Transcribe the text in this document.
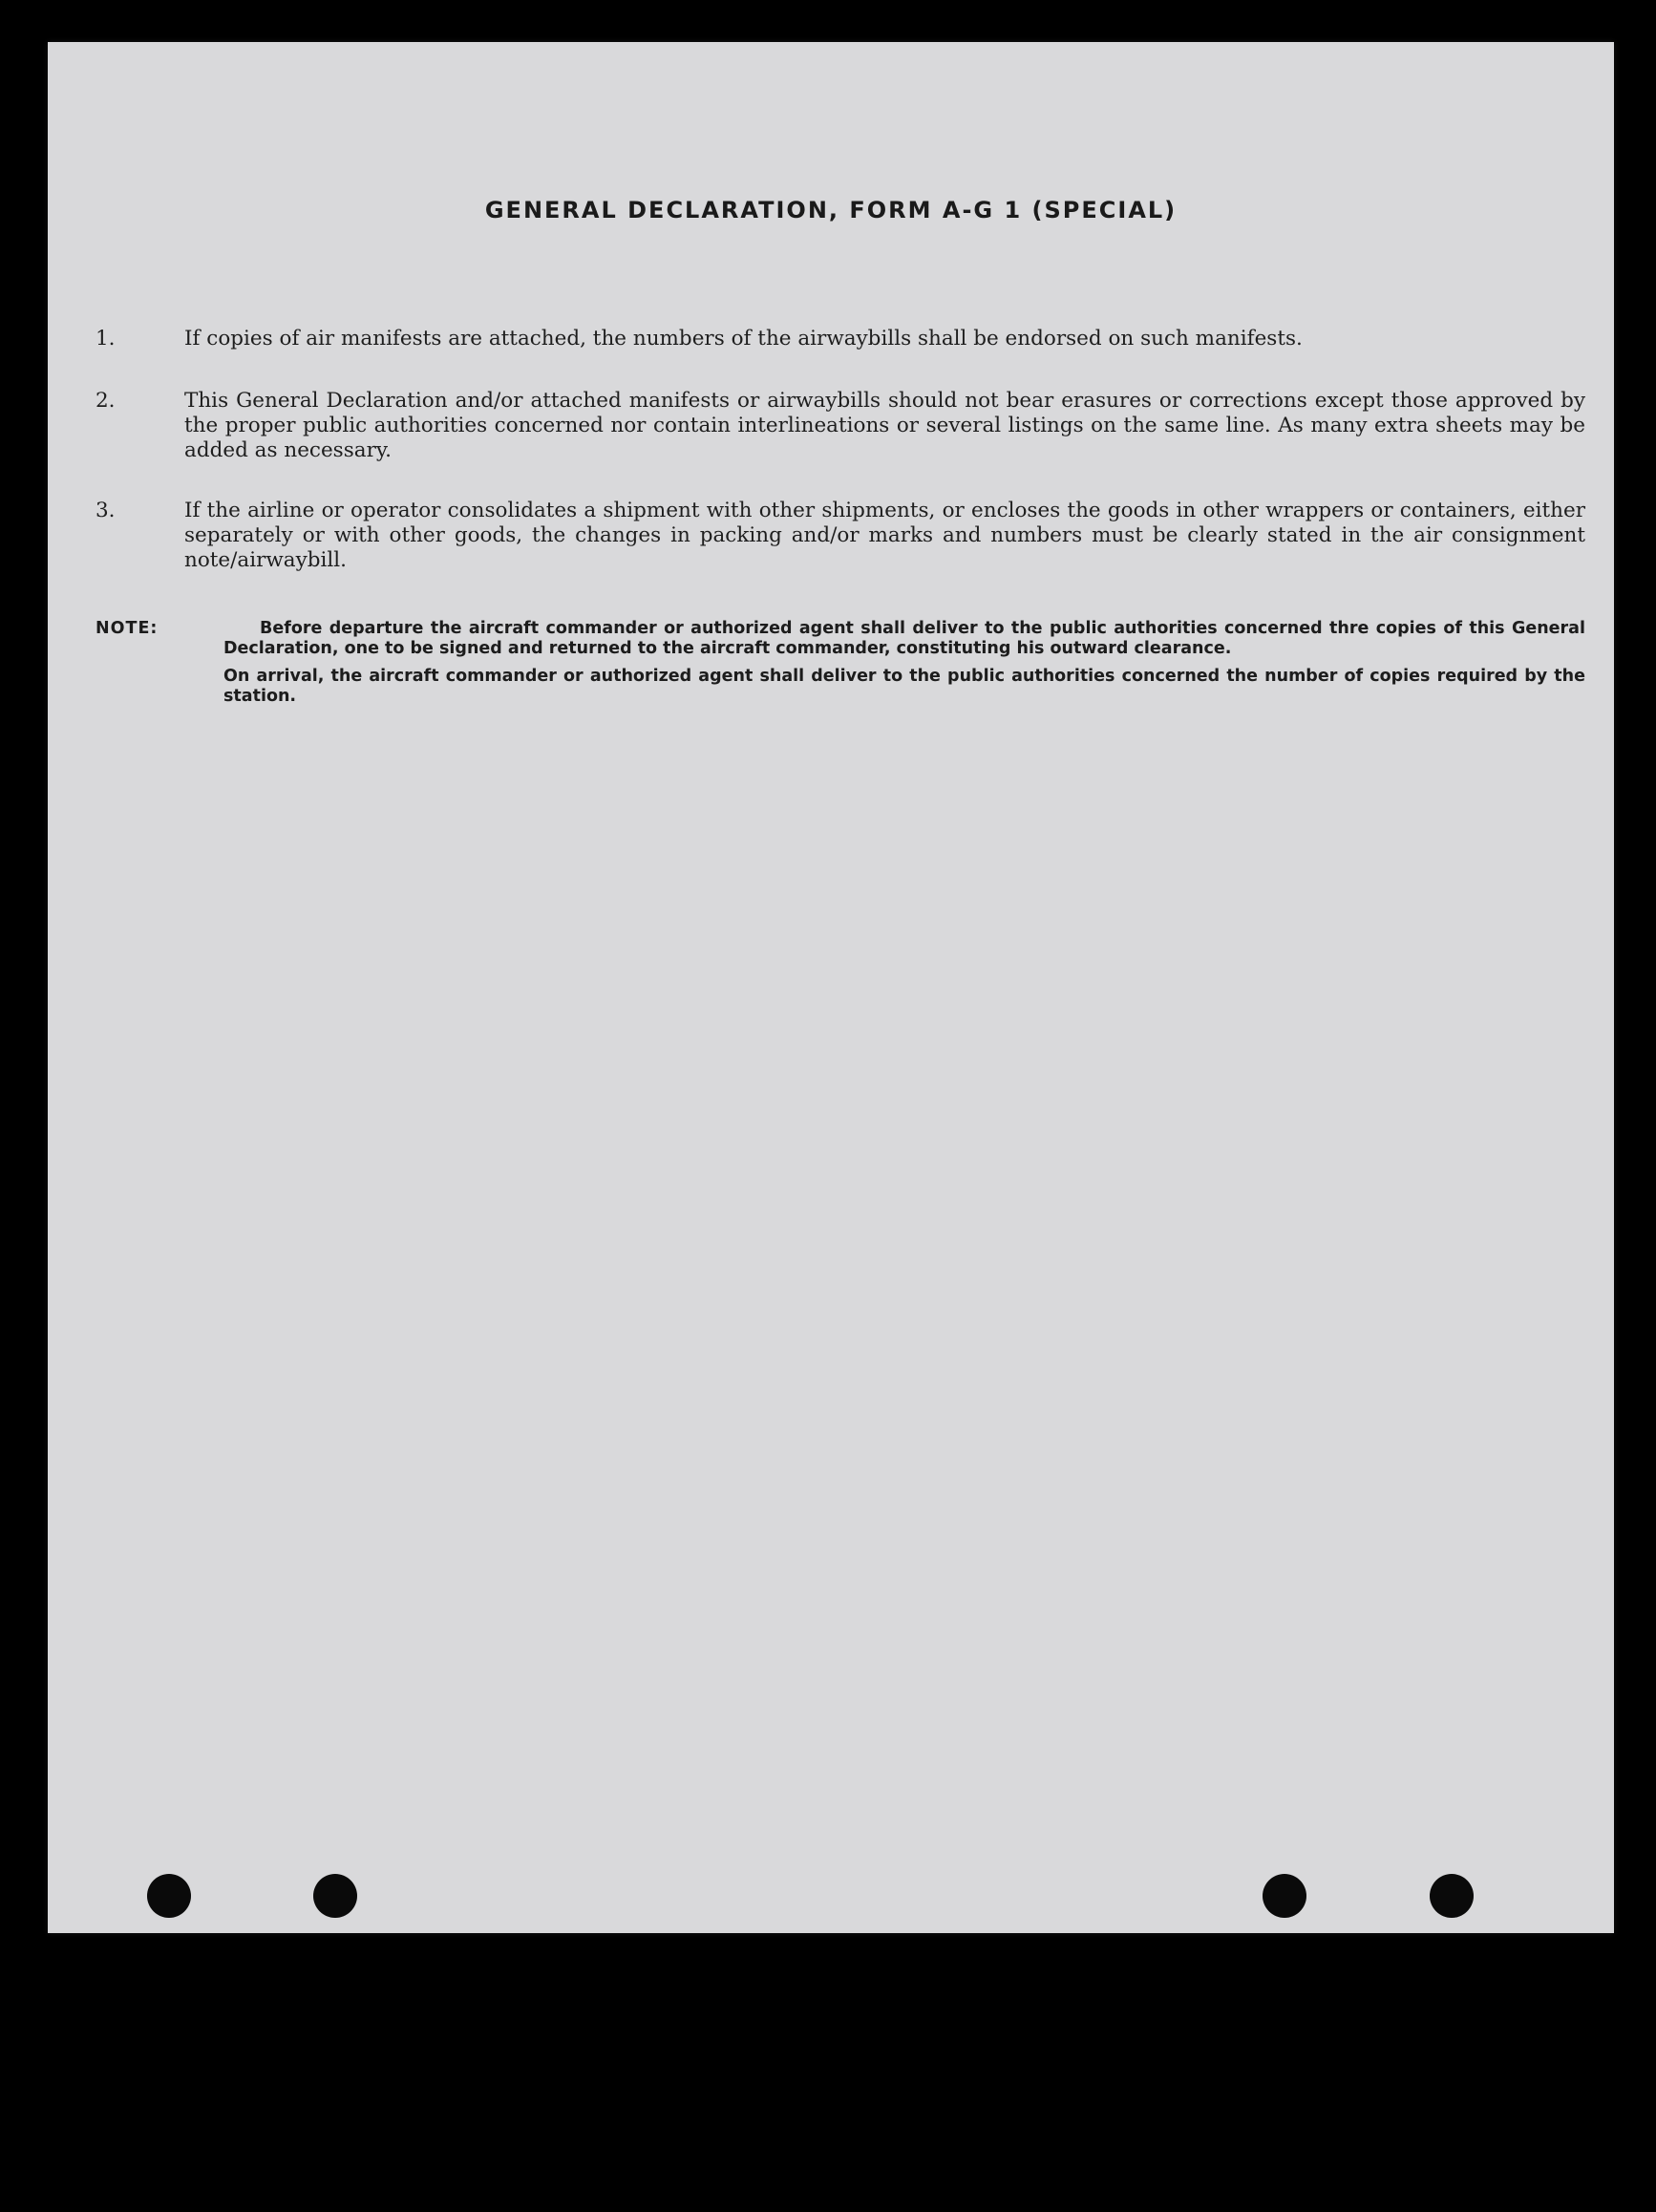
GENERAL DECLARATION, FORM A-G 1 (SPECIAL)
1.	If copies of air manifests are attached, the numbers of the airwaybills shall be endorsed on such manifests.
2.	This General Declaration and/or attached manifests or airwaybills should not bear erasures or corrections except those approved by the proper public authorities concerned nor contain interlineations or several listings on the same line. As many extra sheets may be added as necessary.
3.	If the airline or operator consolidates a shipment with other shipments, or encloses the goods in other wrappers or containers, either separately or with other goods, the changes in packing and/or marks and numbers must be clearly stated in the air consignment note/airwaybill.
NOTE:	Before departure the aircraft commander or authorized agent shall deliver to the public authorities concerned thre copies of this General Declaration, one to be signed and returned to the aircraft commander, constituting his outward clearance.
On arrival, the aircraft commander or authorized agent shall deliver to the public authorities concerned the number of copies required by the station.
